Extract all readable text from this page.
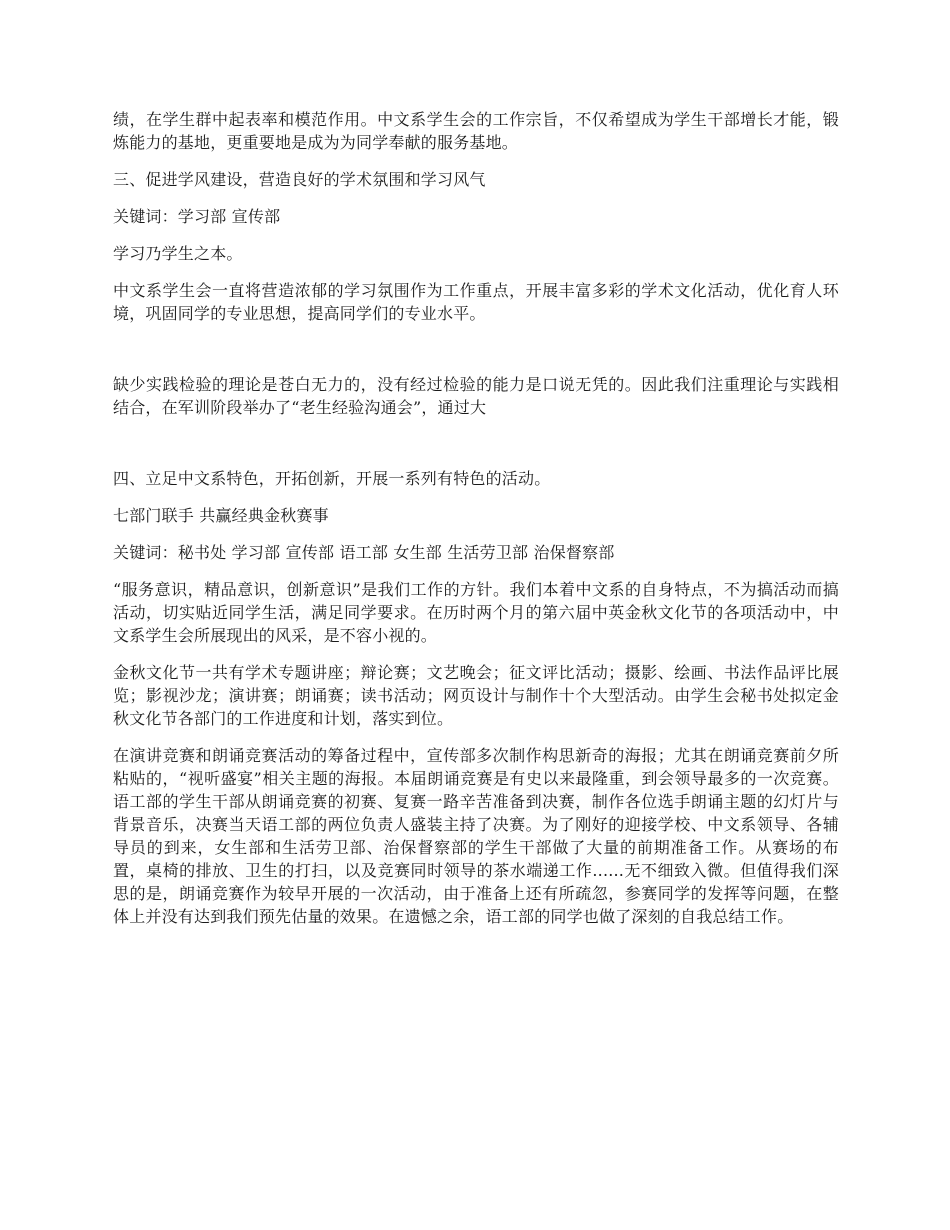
绩，在学生群中起表率和模范作用。中文系学生会的工作宗旨，不仅希望成为学生干部增长才能，锻炼能力的基地，更重要地是成为为同学奉献的服务基地。

三、促进学风建设，营造良好的学术氛围和学习风气

关键词：学习部 宣传部

学习乃学生之本。

中文系学生会一直将营造浓郁的学习氛围作为工作重点，开展丰富多彩的学术文化活动，优化育人环境，巩固同学的专业思想，提高同学们的专业水平。

缺少实践检验的理论是苍白无力的，没有经过检验的能力是口说无凭的。因此我们注重理论与实践相结合，在军训阶段举办了“老生经验沟通会”，通过大

四、立足中文系特色，开拓创新，开展一系列有特色的活动。

七部门联手 共赢经典金秋赛事

关键词：秘书处 学习部 宣传部 语工部 女生部 生活劳卫部 治保督察部

“服务意识，精品意识，创新意识”是我们工作的方针。我们本着中文系的自身特点，不为搞活动而搞活动，切实贴近同学生活，满足同学要求。在历时两个月的第六届中英金秋文化节的各项活动中，中文系学生会所展现出的风采，是不容小视的。

金秋文化节一共有学术专题讲座；辩论赛；文艺晚会；征文评比活动；摄影、绘画、书法作品评比展览；影视沙龙；演讲赛；朗诵赛；读书活动；网页设计与制作十个大型活动。由学生会秘书处拟定金秋文化节各部门的工作进度和计划，落实到位。

在演讲竞赛和朗诵竞赛活动的筹备过程中，宣传部多次制作构思新奇的海报；尤其在朗诵竞赛前夕所粘贴的，“视听盛宴”相关主题的海报。本届朗诵竞赛是有史以来最隆重，到会领导最多的一次竞赛。语工部的学生干部从朗诵竞赛的初赛、复赛一路辛苦准备到决赛，制作各位选手朗诵主题的幻灯片与背景音乐，决赛当天语工部的两位负责人盛装主持了决赛。为了刚好的迎接学校、中文系领导、各辅导员的到来，女生部和生活劳卫部、治保督察部的学生干部做了大量的前期准备工作。从赛场的布置，桌椅的排放、卫生的打扫，以及竞赛同时领导的茶水端递工作......无不细致入微。但值得我们深思的是，朗诵竞赛作为较早开展的一次活动，由于准备上还有所疏忽，参赛同学的发挥等问题，在整体上并没有达到我们预先估量的效果。在遗憾之余，语工部的同学也做了深刻的自我总结工作。
